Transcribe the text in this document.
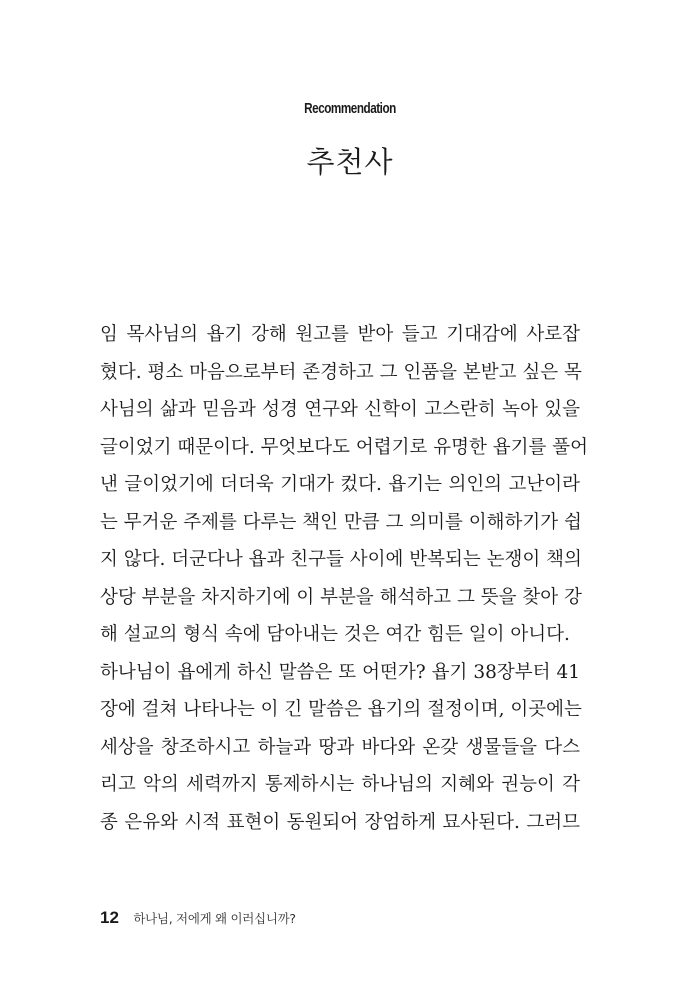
Recommendation
추천사
임 목사님의 욥기 강해 원고를 받아 들고 기대감에 사로잡
혔다. 평소 마음으로부터 존경하고 그 인품을 본받고 싶은 목
사님의 삶과 믿음과 성경 연구와 신학이 고스란히 녹아 있을
글이었기 때문이다. 무엇보다도 어렵기로 유명한 욥기를 풀어
낸 글이었기에 더더욱 기대가 컸다. 욥기는 의인의 고난이라
는 무거운 주제를 다루는 책인 만큼 그 의미를 이해하기가 쉽
지 않다. 더군다나 욥과 친구들 사이에 반복되는 논쟁이 책의
상당 부분을 차지하기에 이 부분을 해석하고 그 뜻을 찾아 강
해 설교의 형식 속에 담아내는 것은 여간 힘든 일이 아니다.
하나님이 욥에게 하신 말씀은 또 어떤가? 욥기 38장부터 41
장에 걸쳐 나타나는 이 긴 말씀은 욥기의 절정이며, 이곳에는
세상을 창조하시고 하늘과 땅과 바다와 온갖 생물들을 다스
리고 악의 세력까지 통제하시는 하나님의 지혜와 권능이 각
종 은유와 시적 표현이 동원되어 장엄하게 묘사된다. 그러므
12 하나님, 저에게 왜 이러십니까?
